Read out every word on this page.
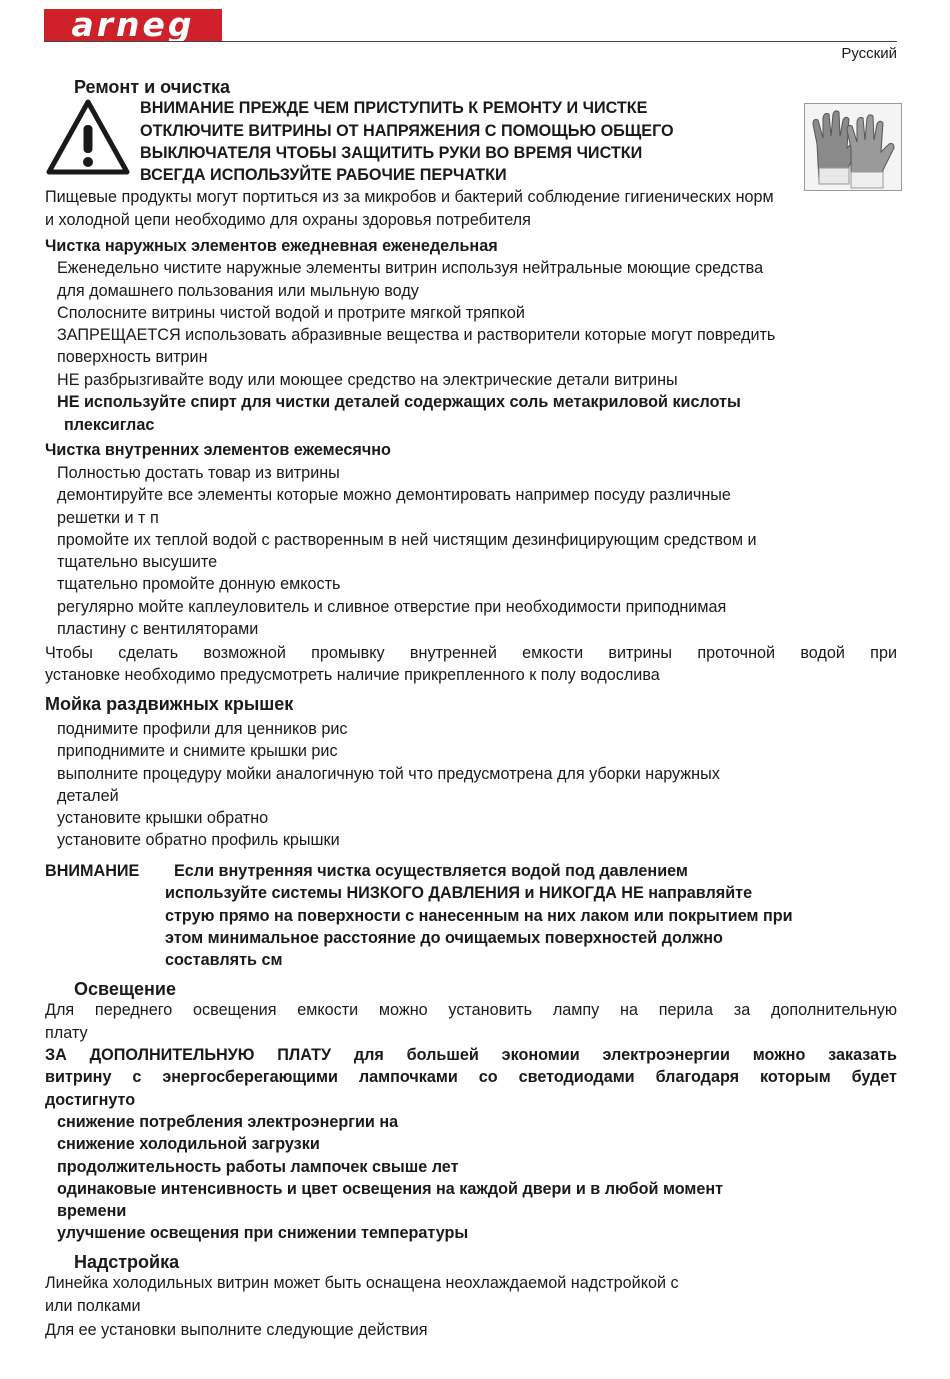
arneg
Русский
Ремонт и очистка
ВНИМАНИЕ ПРЕЖДЕ ЧЕМ ПРИСТУПИТЬ К РЕМОНТУ И ЧИСТКЕ
ОТКЛЮЧИТЕ ВИТРИНЫ ОТ НАПРЯЖЕНИЯ С ПОМОЩЬЮ ОБЩЕГО
ВЫКЛЮЧАТЕЛЯ ЧТОБЫ ЗАЩИТИТЬ РУКИ ВО ВРЕМЯ ЧИСТКИ
ВСЕГДА ИСПОЛЬЗУЙТЕ РАБОЧИЕ ПЕРЧАТКИ
Пищевые продукты могут портиться из за микробов и бактерий соблюдение гигиенических норм
и холодной цепи необходимо для охраны здоровья потребителя
Чистка наружных элементов ежедневная еженедельная
Еженедельно чистите наружные элементы витрин используя нейтральные моющие средства
для домашнего пользования или мыльную воду
Сполосните витрины чистой водой и протрите мягкой тряпкой
ЗАПРЕЩАЕТСЯ использовать абразивные вещества и растворители которые могут повредить
поверхность витрин
НЕ разбрызгивайте воду или моющее средство на электрические детали витрины
НЕ используйте спирт для чистки деталей содержащих соль метакриловой кислоты
плексиглас
Чистка внутренних элементов ежемесячно
Полностью достать товар из витрины
демонтируйте все элементы которые можно демонтировать например посуду различные
решетки и т п
промойте их теплой водой с растворенным в ней чистящим дезинфицирующим средством и
тщательно высушите
тщательно промойте донную емкость
регулярно мойте каплеуловитель и сливное отверстие при необходимости приподнимая
пластину с вентиляторами
Чтобы сделать возможной промывку внутренней емкости витрины проточной водой при
установке необходимо предусмотреть наличие прикрепленного к полу водослива
Мойка раздвижных крышек
поднимите профили для ценников рис
приподнимите и снимите крышки рис
выполните процедуру мойки аналогичную той что предусмотрена для уборки наружных
деталей
установите крышки обратно
установите обратно профиль крышки
ВНИМАНИЕ Если внутренняя чистка осуществляется водой под давлением
используйте системы НИЗКОГО ДАВЛЕНИЯ и НИКОГДА НЕ направляйте
струю прямо на поверхности с нанесенным на них лаком или покрытием при
этом минимальное расстояние до очищаемых поверхностей должно
составлять см
Освещение
Для переднего освещения емкости можно установить лампу на перила за дополнительную
плату
ЗА ДОПОЛНИТЕЛЬНУЮ ПЛАТУ для большей экономии электроэнергии можно заказать
витрину с энергосберегающими лампочками со светодиодами благодаря которым будет
достигнуто
снижение потребления электроэнергии на
снижение холодильной загрузки
продолжительность работы лампочек свыше лет
одинаковые интенсивность и цвет освещения на каждой двери и в любой момент
времени
улучшение освещения при снижении температуры
Надстройка
Линейка холодильных витрин может быть оснащена неохлаждаемой надстройкой с
или полками
Для ее установки выполните следующие действия
